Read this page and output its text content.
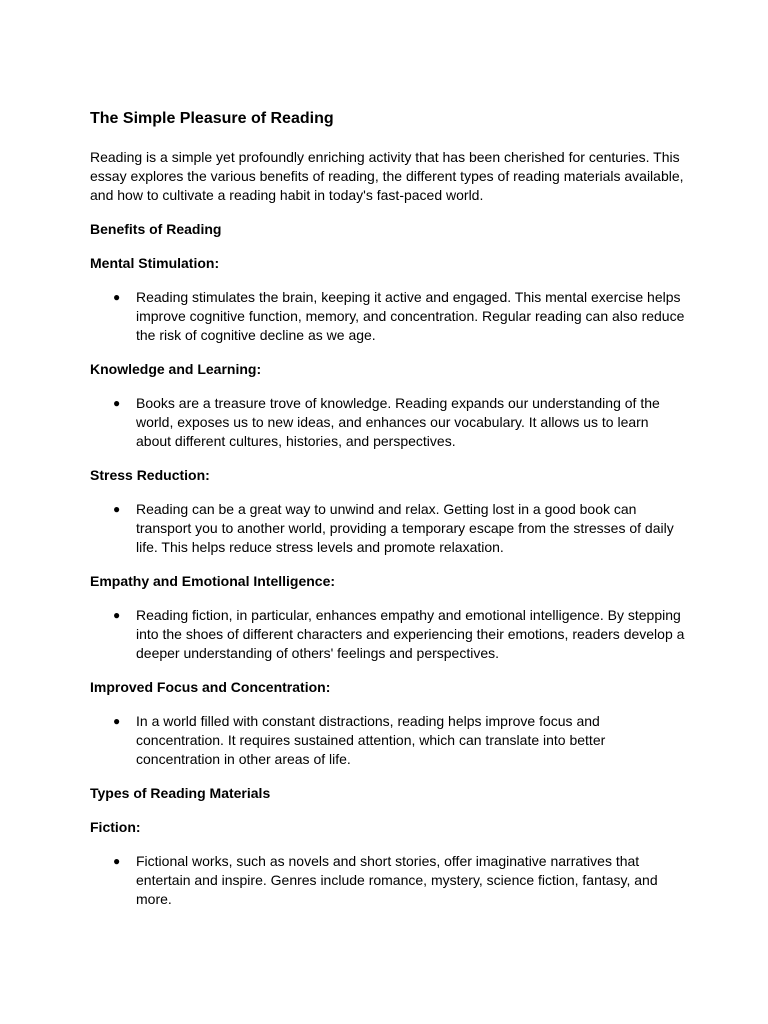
The Simple Pleasure of Reading

Reading is a simple yet profoundly enriching activity that has been cherished for centuries. This essay explores the various benefits of reading, the different types of reading materials available, and how to cultivate a reading habit in today's fast-paced world.

Benefits of Reading
Mental Stimulation:
● Reading stimulates the brain, keeping it active and engaged. This mental exercise helps improve cognitive function, memory, and concentration. Regular reading can also reduce the risk of cognitive decline as we age.
Knowledge and Learning:
● Books are a treasure trove of knowledge. Reading expands our understanding of the world, exposes us to new ideas, and enhances our vocabulary. It allows us to learn about different cultures, histories, and perspectives.
Stress Reduction:
● Reading can be a great way to unwind and relax. Getting lost in a good book can transport you to another world, providing a temporary escape from the stresses of daily life. This helps reduce stress levels and promote relaxation.
Empathy and Emotional Intelligence:
● Reading fiction, in particular, enhances empathy and emotional intelligence. By stepping into the shoes of different characters and experiencing their emotions, readers develop a deeper understanding of others' feelings and perspectives.
Improved Focus and Concentration:
● In a world filled with constant distractions, reading helps improve focus and concentration. It requires sustained attention, which can translate into better concentration in other areas of life.
Types of Reading Materials
Fiction:
● Fictional works, such as novels and short stories, offer imaginative narratives that entertain and inspire. Genres include romance, mystery, science fiction, fantasy, and more.
